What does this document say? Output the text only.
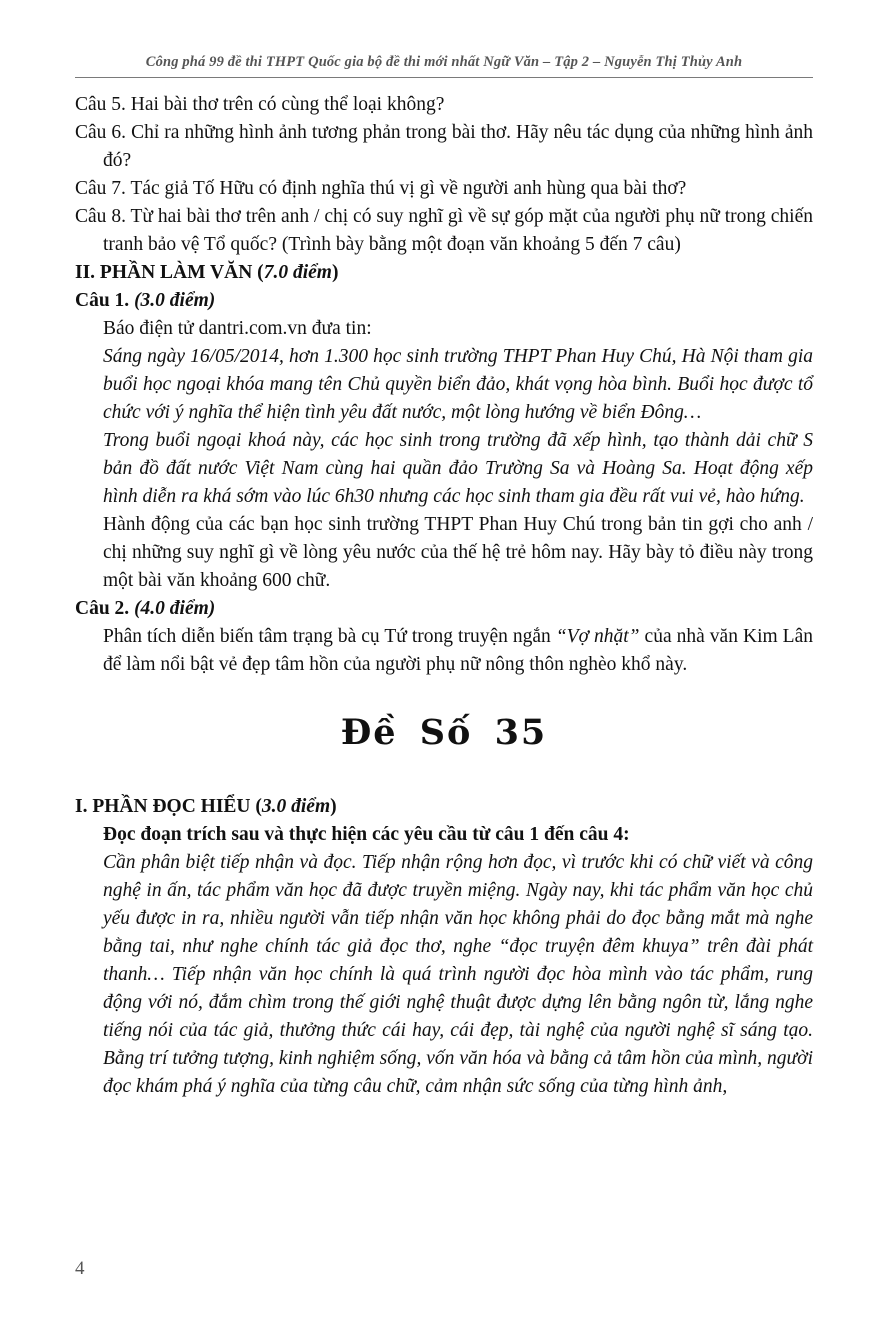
Công phá 99 đề thi THPT Quốc gia bộ đề thi mới nhất Ngữ Văn – Tập 2 – Nguyễn Thị Thủy Anh

Câu 5. Hai bài thơ trên có cùng thể loại không?

Câu 6. Chỉ ra những hình ảnh tương phản trong bài thơ. Hãy nêu tác dụng của những hình ảnh đó?

Câu 7. Tác giả Tố Hữu có định nghĩa thú vị gì về người anh hùng qua bài thơ?

Câu 8. Từ hai bài thơ trên anh / chị có suy nghĩ gì về sự góp mặt của người phụ nữ trong chiến tranh bảo vệ Tổ quốc? (Trình bày bằng một đoạn văn khoảng 5 đến 7 câu)

II. PHẦN LÀM VĂN (7.0 điểm)

Câu 1. (3.0 điểm)

Báo điện tử dantri.com.vn đưa tin:

Sáng ngày 16/05/2014, hơn 1.300 học sinh trường THPT Phan Huy Chú, Hà Nội tham gia buổi học ngoại khóa mang tên Chủ quyền biển đảo, khát vọng hòa bình. Buổi học được tổ chức với ý nghĩa thể hiện tình yêu đất nước, một lòng hướng về biển Đông…

Trong buổi ngoại khoá này, các học sinh trong trường đã xếp hình, tạo thành dải chữ S bản đồ đất nước Việt Nam cùng hai quần đảo Trường Sa và Hoàng Sa. Hoạt động xếp hình diễn ra khá sớm vào lúc 6h30 nhưng các học sinh tham gia đều rất vui vẻ, hào hứng.

Hành động của các bạn học sinh trường THPT Phan Huy Chú trong bản tin gợi cho anh / chị những suy nghĩ gì về lòng yêu nước của thế hệ trẻ hôm nay. Hãy bày tỏ điều này trong một bài văn khoảng 600 chữ.

Câu 2. (4.0 điểm)

Phân tích diễn biến tâm trạng bà cụ Tứ trong truyện ngắn “Vợ nhặt” của nhà văn Kim Lân để làm nổi bật vẻ đẹp tâm hồn của người phụ nữ nông thôn nghèo khổ này.

Đề Số 35

I. PHẦN ĐỌC HIỂU (3.0 điểm)

Đọc đoạn trích sau và thực hiện các yêu cầu từ câu 1 đến câu 4:

Cần phân biệt tiếp nhận và đọc. Tiếp nhận rộng hơn đọc, vì trước khi có chữ viết và công nghệ in ấn, tác phẩm văn học đã được truyền miệng. Ngày nay, khi tác phẩm văn học chủ yếu được in ra, nhiều người vẫn tiếp nhận văn học không phải do đọc bằng mắt mà nghe bằng tai, như nghe chính tác giả đọc thơ, nghe “đọc truyện đêm khuya” trên đài phát thanh… Tiếp nhận văn học chính là quá trình người đọc hòa mình vào tác phẩm, rung động với nó, đắm chìm trong thế giới nghệ thuật được dựng lên bằng ngôn từ, lắng nghe tiếng nói của tác giả, thưởng thức cái hay, cái đẹp, tài nghệ của người nghệ sĩ sáng tạo. Bằng trí tưởng tượng, kinh nghiệm sống, vốn văn hóa và bằng cả tâm hồn của mình, người đọc khám phá ý nghĩa của từng câu chữ, cảm nhận sức sống của từng hình ảnh,

4
